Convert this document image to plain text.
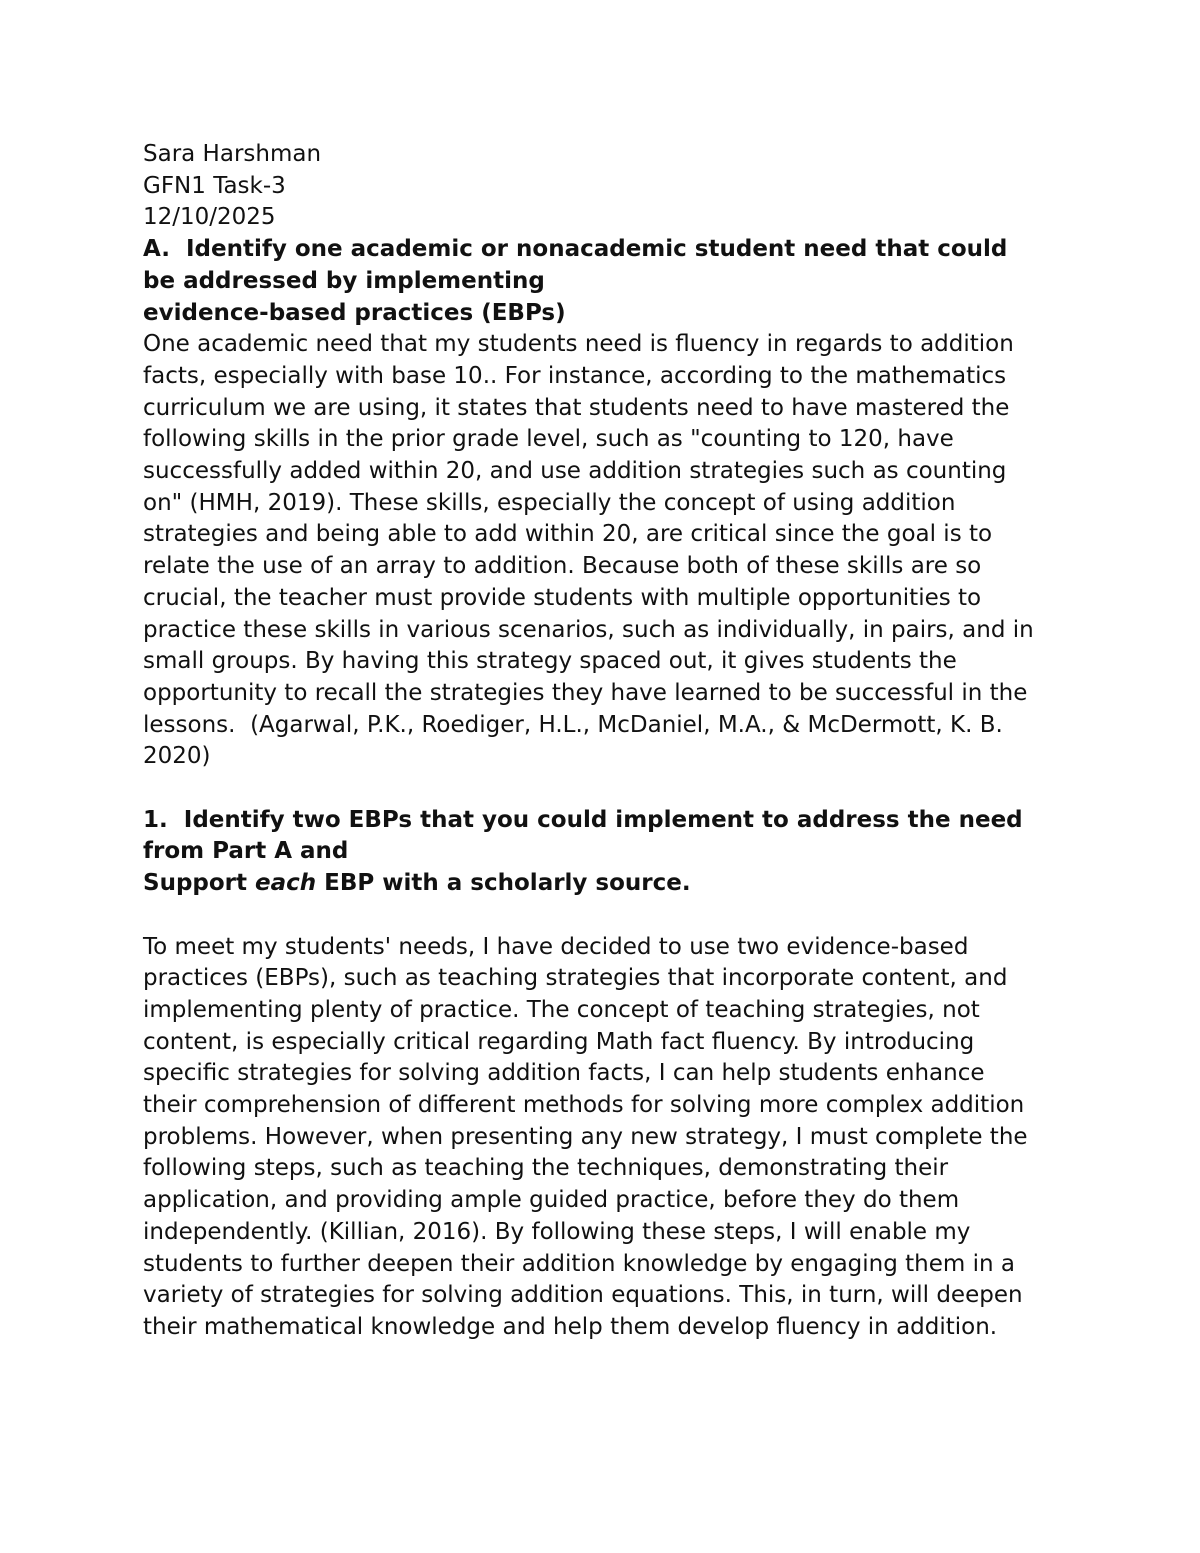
Sara Harshman
GFN1 Task-3
12/10/2025
A.  Identify one academic or nonacademic student need that could
be addressed by implementing
evidence-based practices (EBPs)
One academic need that my students need is fluency in regards to addition
facts, especially with base 10.. For instance, according to the mathematics
curriculum we are using, it states that students need to have mastered the
following skills in the prior grade level, such as "counting to 120, have
successfully added within 20, and use addition strategies such as counting
on" (HMH, 2019). These skills, especially the concept of using addition
strategies and being able to add within 20, are critical since the goal is to
relate the use of an array to addition. Because both of these skills are so
crucial, the teacher must provide students with multiple opportunities to
practice these skills in various scenarios, such as individually, in pairs, and in
small groups. By having this strategy spaced out, it gives students the
opportunity to recall the strategies they have learned to be successful in the
lessons.  (Agarwal, P.K., Roediger, H.L., McDaniel, M.A., & McDermott, K. B.
2020)
1.  Identify two EBPs that you could implement to address the need
from Part A and
Support each EBP with a scholarly source.
To meet my students' needs, I have decided to use two evidence-based
practices (EBPs), such as teaching strategies that incorporate content, and
implementing plenty of practice. The concept of teaching strategies, not
content, is especially critical regarding Math fact fluency. By introducing
specific strategies for solving addition facts, I can help students enhance
their comprehension of different methods for solving more complex addition
problems. However, when presenting any new strategy, I must complete the
following steps, such as teaching the techniques, demonstrating their
application, and providing ample guided practice, before they do them
independently. (Killian, 2016). By following these steps, I will enable my
students to further deepen their addition knowledge by engaging them in a
variety of strategies for solving addition equations. This, in turn, will deepen
their mathematical knowledge and help them develop fluency in addition.
